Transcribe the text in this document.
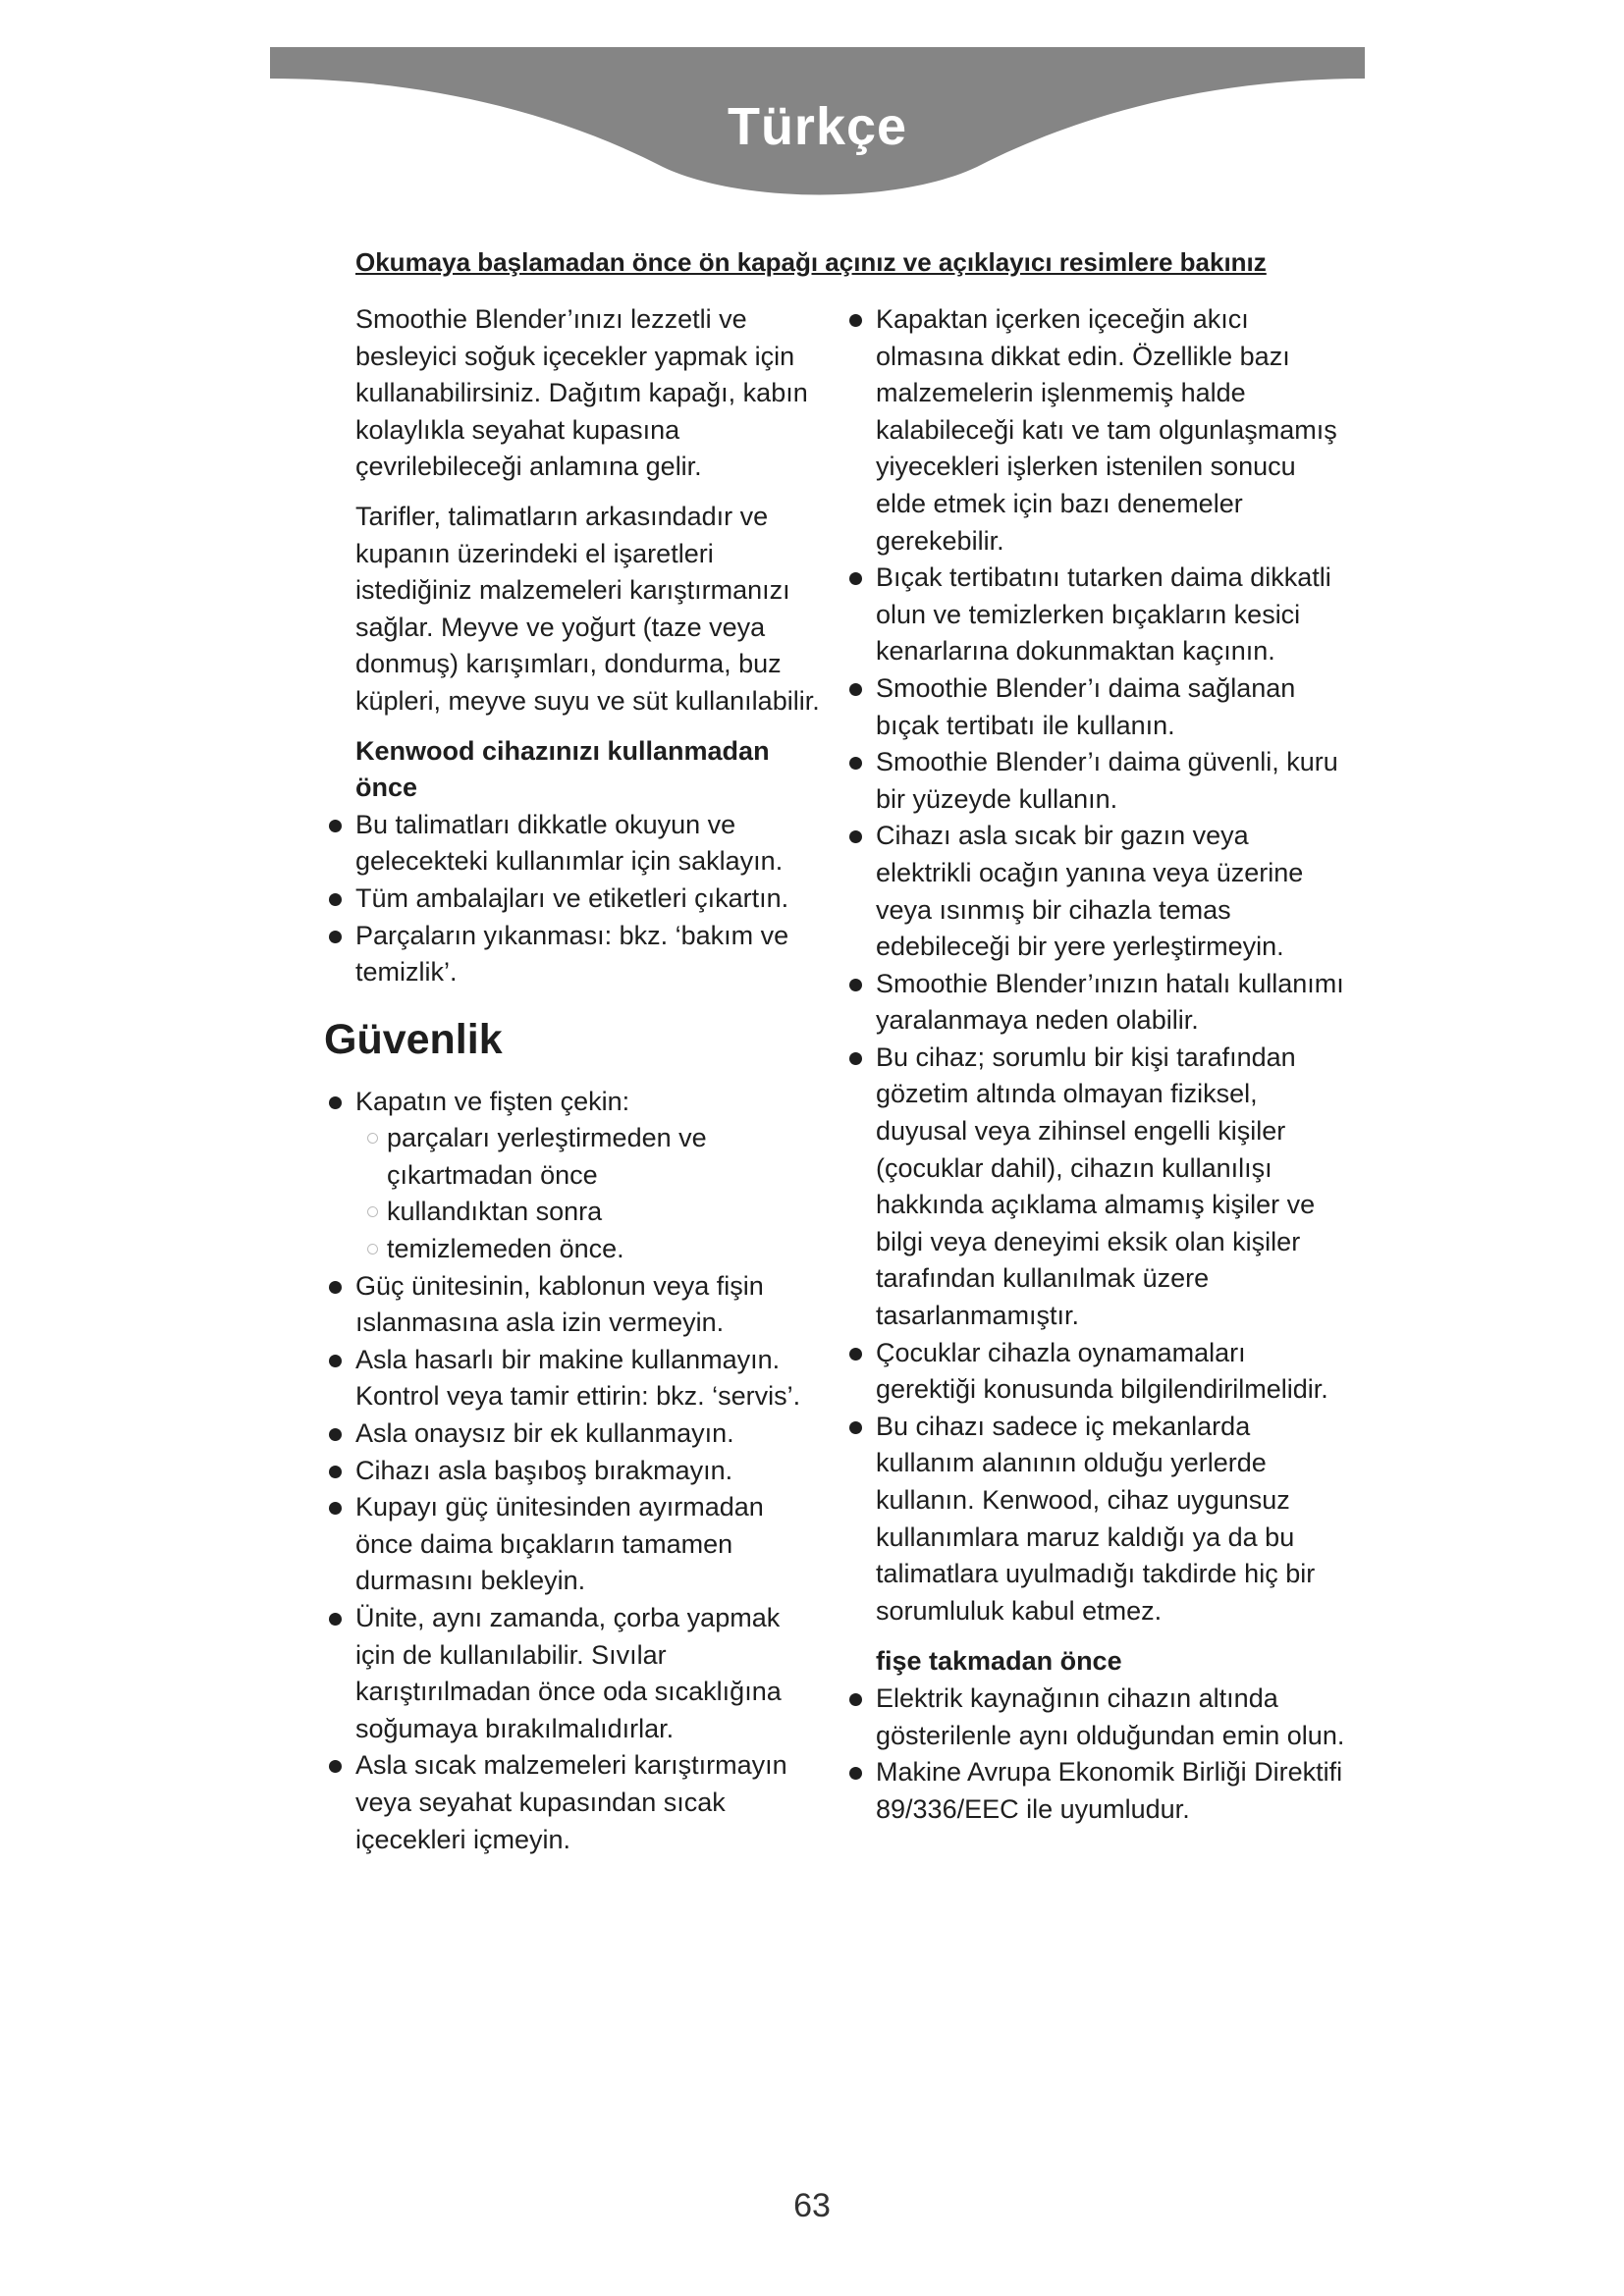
Türkçe
Okumaya başlamadan önce ön kapağı açınız ve açıklayıcı resimlere bakınız

Smoothie Blender’ınızı lezzetli ve besleyici soğuk içecekler yapmak için kullanabilirsiniz. Dağıtım kapağı, kabın kolaylıkla seyahat kupasına çevrilebileceği anlamına gelir.

Tarifler, talimatların arkasındadır ve kupanın üzerindeki el işaretleri istediğiniz malzemeleri karıştırmanızı sağlar. Meyve ve yoğurt (taze veya donmuş) karışımları, dondurma, buz küpleri, meyve suyu ve süt kullanılabilir.

Kenwood cihazınızı kullanmadan önce

Bu talimatları dikkatle okuyun ve gelecekteki kullanımlar için saklayın.
Tüm ambalajları ve etiketleri çıkartın.
Parçaların yıkanması: bkz. ‘bakım ve temizlik’.
Güvenlik
Kapatın ve fişten çekin:
parçaları yerleştirmeden ve çıkartmadan önce
kullandıktan sonra
temizlemeden önce.
Güç ünitesinin, kablonun veya fişin ıslanmasına asla izin vermeyin.
Asla hasarlı bir makine kullanmayın. Kontrol veya tamir ettirin: bkz. ‘servis’.
Asla onaysız bir ek kullanmayın.
Cihazı asla başıboş bırakmayın.
Kupayı güç ünitesinden ayırmadan önce daima bıçakların tamamen durmasını bekleyin.
Ünite, aynı zamanda, çorba yapmak için de kullanılabilir. Sıvılar karıştırılmadan önce oda sıcaklığına soğumaya bırakılmalıdırlar.
Asla sıcak malzemeleri karıştırmayın veya seyahat kupasından sıcak içecekleri içmeyin.
Kapaktan içerken içeceğin akıcı olmasına dikkat edin. Özellikle bazı malzemelerin işlenmemiş halde kalabileceği katı ve tam olgunlaşmamış yiyecekleri işlerken istenilen sonucu elde etmek için bazı denemeler gerekebilir.
Bıçak tertibatını tutarken daima dikkatli olun ve temizlerken bıçakların kesici kenarlarına dokunmaktan kaçının.
Smoothie Blender’ı daima sağlanan bıçak tertibatı ile kullanın.
Smoothie Blender’ı daima güvenli, kuru bir yüzeyde kullanın.
Cihazı asla sıcak bir gazın veya elektrikli ocağın yanına veya üzerine veya ısınmış bir cihazla temas edebileceği bir yere yerleştirmeyin.
Smoothie Blender’ınızın hatalı kullanımı yaralanmaya neden olabilir.
Bu cihaz; sorumlu bir kişi tarafından gözetim altında olmayan fiziksel, duyusal veya zihinsel engelli kişiler (çocuklar dahil), cihazın kullanılışı hakkında açıklama almamış kişiler ve bilgi veya deneyimi eksik olan kişiler tarafından kullanılmak üzere tasarlanmamıştır.
Çocuklar cihazla oynamamaları gerektiği konusunda bilgilendirilmelidir.
Bu cihazı sadece iç mekanlarda kullanım alanının olduğu yerlerde kullanın. Kenwood, cihaz uygunsuz kullanımlara maruz kaldığı ya da bu talimatlara uyulmadığı takdirde hiç bir sorumluluk kabul etmez.

fişe takmadan önce

Elektrik kaynağının cihazın altında gösterilenle aynı olduğundan emin olun.
Makine Avrupa Ekonomik Birliği Direktifi 89/336/EEC ile uyumludur.
63
